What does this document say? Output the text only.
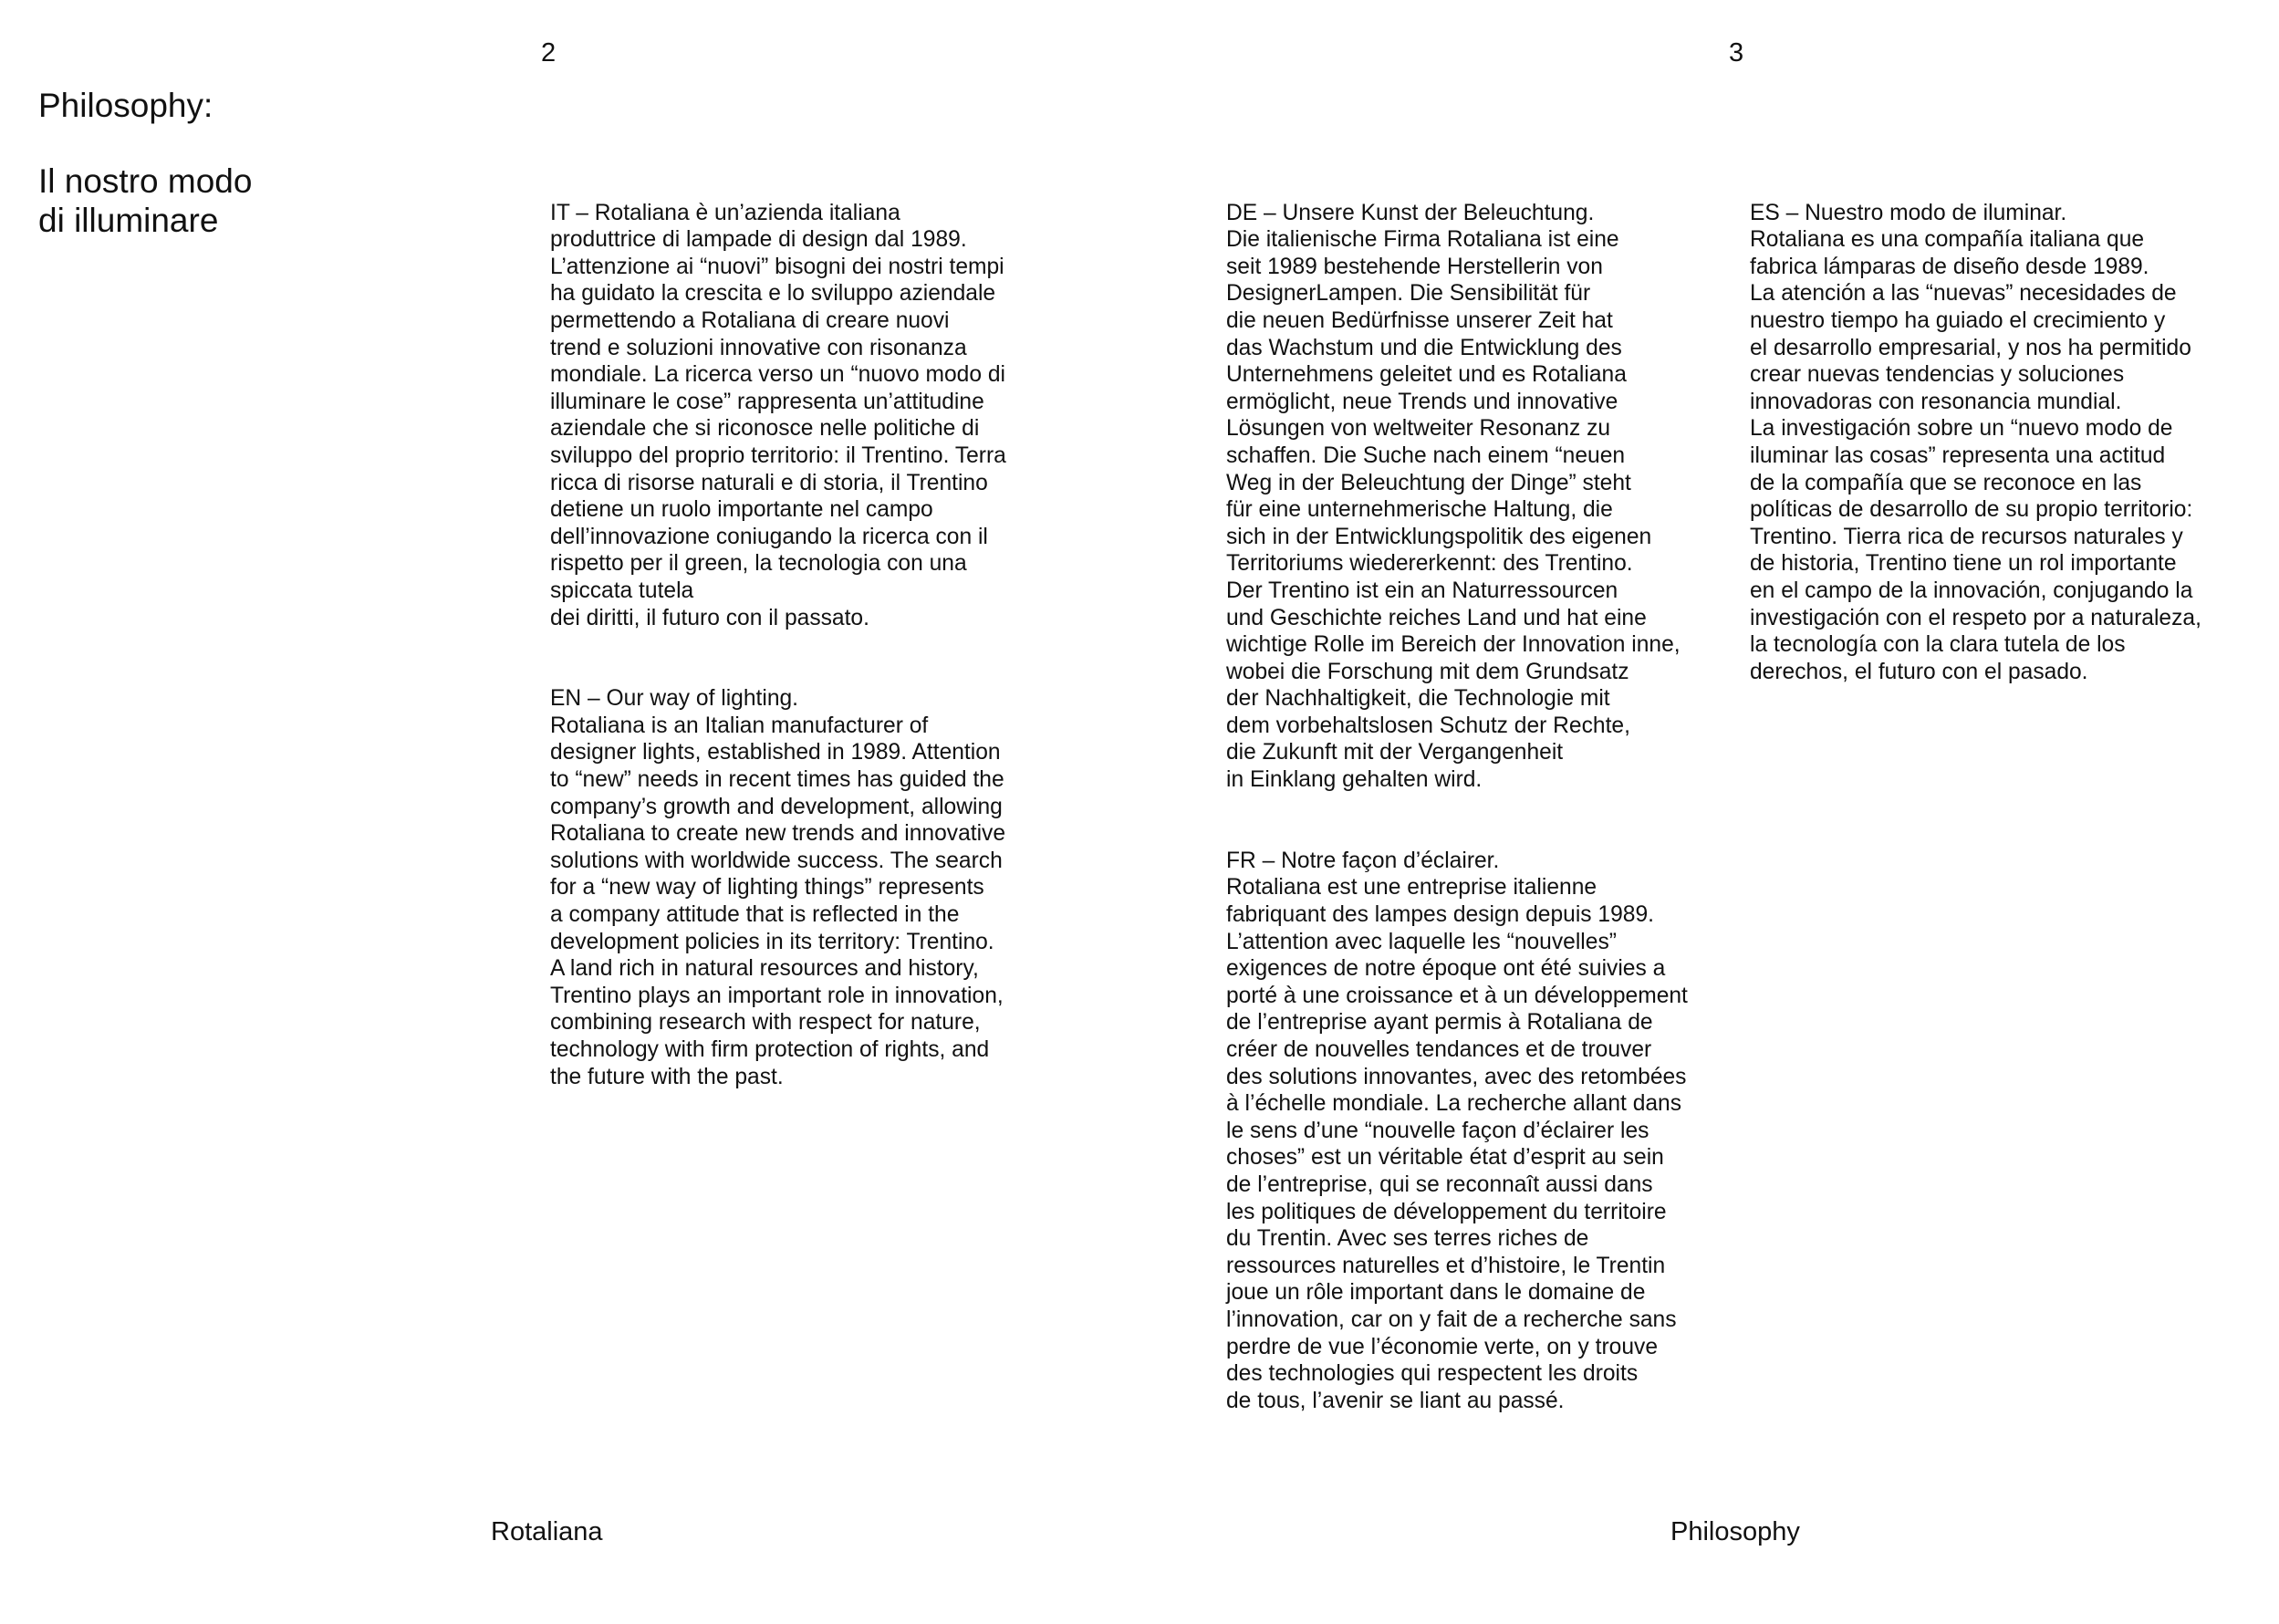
2	3
Philosophy:
Il nostro modo
di illuminare	IT – Rotaliana è un’azienda italiana
produttrice di lampade di design dal 1989.
L’attenzione ai “nuovi” bisogni dei nostri tempi
ha guidato la crescita e lo sviluppo aziendale
permettendo a Rotaliana di creare nuovi
trend e soluzioni innovative con risonanza
mondiale. La ricerca verso un “nuovo modo di
illuminare le cose” rappresenta un’attitudine
aziendale che si riconosce nelle politiche di
sviluppo del proprio territorio: il Trentino. Terra
ricca di risorse naturali e di storia, il Trentino
detiene un ruolo importante nel campo
dell’innovazione coniugando la ricerca con il
rispetto per il green, la tecnologia con una
spiccata tutela
dei diritti, il futuro con il passato.

EN – Our way of lighting.
Rotaliana is an Italian manufacturer of
designer lights, established in 1989. Attention
to “new” needs in recent times has guided the
company’s growth and development, allowing
Rotaliana to create new trends and innovative
solutions with worldwide success. The search
for a “new way of lighting things” represents
a company attitude that is reflected in the
development policies in its territory: Trentino.
A land rich in natural resources and history,
Trentino plays an important role in innovation,
combining research with respect for nature,
technology with firm protection of rights, and
the future with the past.

DE – Unsere Kunst der Beleuchtung.
Die italienische Firma Rotaliana ist eine
seit 1989 bestehende Herstellerin von
DesignerLampen. Die Sensibilität für
die neuen Bedürfnisse unserer Zeit hat
das Wachstum und die Entwicklung des
Unternehmens geleitet und es Rotaliana
ermöglicht, neue Trends und innovative
Lösungen von weltweiter Resonanz zu
schaffen. Die Suche nach einem “neuen
Weg in der Beleuchtung der Dinge” steht
für eine unternehmerische Haltung, die
sich in der Entwicklungspolitik des eigenen
Territoriums wiedererkennt: des Trentino.
Der Trentino ist ein an Naturressourcen
und Geschichte reiches Land und hat eine
wichtige Rolle im Bereich der Innovation inne,
wobei die Forschung mit dem Grundsatz
der Nachhaltigkeit, die Technologie mit
dem vorbehaltslosen Schutz der Rechte,
die Zukunft mit der Vergangenheit
in Einklang gehalten wird.

FR – Notre façon d’éclairer.
Rotaliana est une entreprise italienne
fabriquant des lampes design depuis 1989.
L’attention avec laquelle les “nouvelles”
exigences de notre époque ont été suivies a
porté à une croissance et à un développement
de l’entreprise ayant permis à Rotaliana de
créer de nouvelles tendances et de trouver
des solutions innovantes, avec des retombées
à l’échelle mondiale. La recherche allant dans
le sens d’une “nouvelle façon d’éclairer les
choses” est un véritable état d’esprit au sein
de l’entreprise, qui se reconnaît aussi dans
les politiques de développement du territoire
du Trentin. Avec ses terres riches de
ressources naturelles et d’histoire, le Trentin
joue un rôle important dans le domaine de
l’innovation, car on y fait de a recherche sans
perdre de vue l’économie verte, on y trouve
des technologies qui respectent les droits
de tous, l’avenir se liant au passé.

ES – Nuestro modo de iluminar.
Rotaliana es una compañía italiana que
fabrica lámparas de diseño desde 1989.
La atención a las “nuevas” necesidades de
nuestro tiempo ha guiado el crecimiento y
el desarrollo empresarial, y nos ha permitido
crear nuevas tendencias y soluciones
innovadoras con resonancia mundial.
La investigación sobre un “nuevo modo de
iluminar las cosas” representa una actitud
de la compañía que se reconoce en las
políticas de desarrollo de su propio territorio:
Trentino. Tierra rica de recursos naturales y
de historia, Trentino tiene un rol importante
en el campo de la innovación, conjugando la
investigación con el respeto por a naturaleza,
la tecnología con la clara tutela de los
derechos, el futuro con el pasado.

Rotaliana	Philosophy
